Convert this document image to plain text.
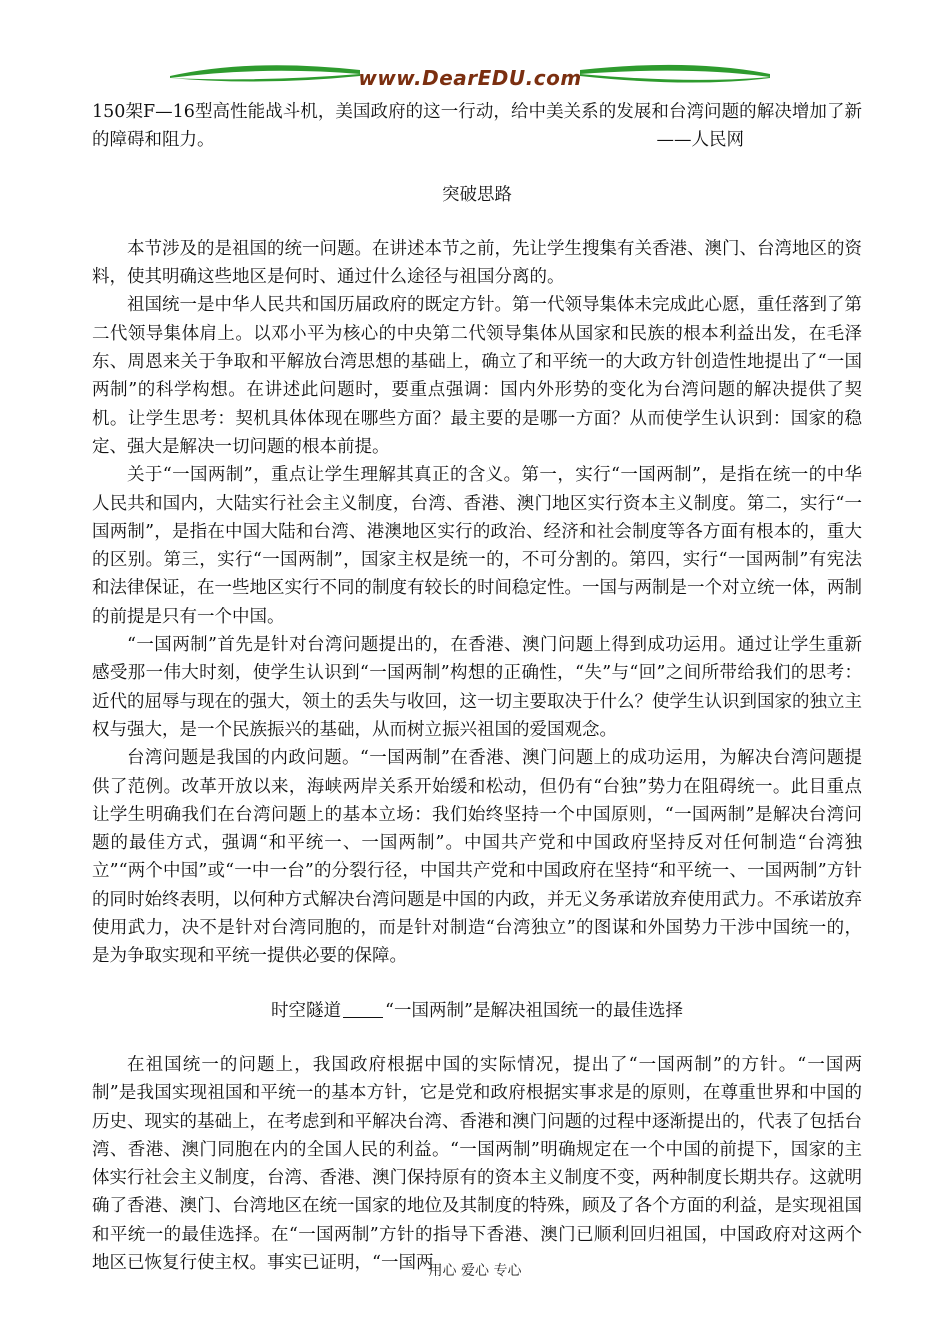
www.DearEDU.com

150架F—16型高性能战斗机，美国政府的这一行动，给中美关系的发展和台湾问题的解决增加了新的障碍和阻力。	——人民网
突破思路

本节涉及的是祖国的统一问题。在讲述本节之前，先让学生搜集有关香港、澳门、台湾地区的资料，使其明确这些地区是何时、通过什么途径与祖国分离的。

祖国统一是中华人民共和国历届政府的既定方针。第一代领导集体未完成此心愿，重任落到了第二代领导集体肩上。以邓小平为核心的中央第二代领导集体从国家和民族的根本利益出发，在毛泽东、周恩来关于争取和平解放台湾思想的基础上，确立了和平统一的大政方针创造性地提出了“一国两制”的科学构想。在讲述此问题时，要重点强调：国内外形势的变化为台湾问题的解决提供了契机。让学生思考：契机具体体现在哪些方面？最主要的是哪一方面？从而使学生认识到：国家的稳定、强大是解决一切问题的根本前提。

关于“一国两制”，重点让学生理解其真正的含义。第一，实行“一国两制”，是指在统一的中华人民共和国内，大陆实行社会主义制度，台湾、香港、澳门地区实行资本主义制度。第二，实行“一国两制”，是指在中国大陆和台湾、港澳地区实行的政治、经济和社会制度等各方面有根本的，重大的区别。第三，实行“一国两制”，国家主权是统一的，不可分割的。第四，实行“一国两制”有宪法和法律保证，在一些地区实行不同的制度有较长的时间稳定性。一国与两制是一个对立统一体，两制的前提是只有一个中国。

“一国两制”首先是针对台湾问题提出的，在香港、澳门问题上得到成功运用。通过让学生重新感受那一伟大时刻，使学生认识到“一国两制”构想的正确性，“失”与“回”之间所带给我们的思考：近代的屈辱与现在的强大，领土的丢失与收回，这一切主要取决于什么？使学生认识到国家的独立主权与强大，是一个民族振兴的基础，从而树立振兴祖国的爱国观念。

台湾问题是我国的内政问题。“一国两制”在香港、澳门问题上的成功运用，为解决台湾问题提供了范例。改革开放以来，海峡两岸关系开始缓和松动，但仍有“台独”势力在阻碍统一。此目重点让学生明确我们在台湾问题上的基本立场：我们始终坚持一个中国原则，“一国两制”是解决台湾问题的最佳方式，强调“和平统一、一国两制”。中国共产党和中国政府坚持反对任何制造“台湾独立”“两个中国”或“一中一台”的分裂行径，中国共产党和中国政府在坚持“和平统一、一国两制”方针的同时始终表明，以何种方式解决台湾问题是中国的内政，并无义务承诺放弃使用武力。不承诺放弃使用武力，决不是针对台湾同胞的，而是针对制造“台湾独立”的图谋和外国势力干涉中国统一的，是为争取实现和平统一提供必要的保障。

时空隧道	“一国两制”是解决祖国统一的最佳选择

在祖国统一的问题上，我国政府根据中国的实际情况，提出了“一国两制”的方针。“一国两制”是我国实现祖国和平统一的基本方针，它是党和政府根据实事求是的原则，在尊重世界和中国的历史、现实的基础上，在考虑到和平解决台湾、香港和澳门问题的过程中逐渐提出的，代表了包括台湾、香港、澳门同胞在内的全国人民的利益。“一国两制”明确规定在一个中国的前提下，国家的主体实行社会主义制度，台湾、香港、澳门保持原有的资本主义制度不变，两种制度长期共存。这就明确了香港、澳门、台湾地区在统一国家的地位及其制度的特殊，顾及了各个方面的利益，是实现祖国和平统一的最佳选择。在“一国两制”方针的指导下香港、澳门已顺利回归祖国，中国政府对这两个地区已恢复行使主权。事实已证明，“一国两

用心 爱心 专心
